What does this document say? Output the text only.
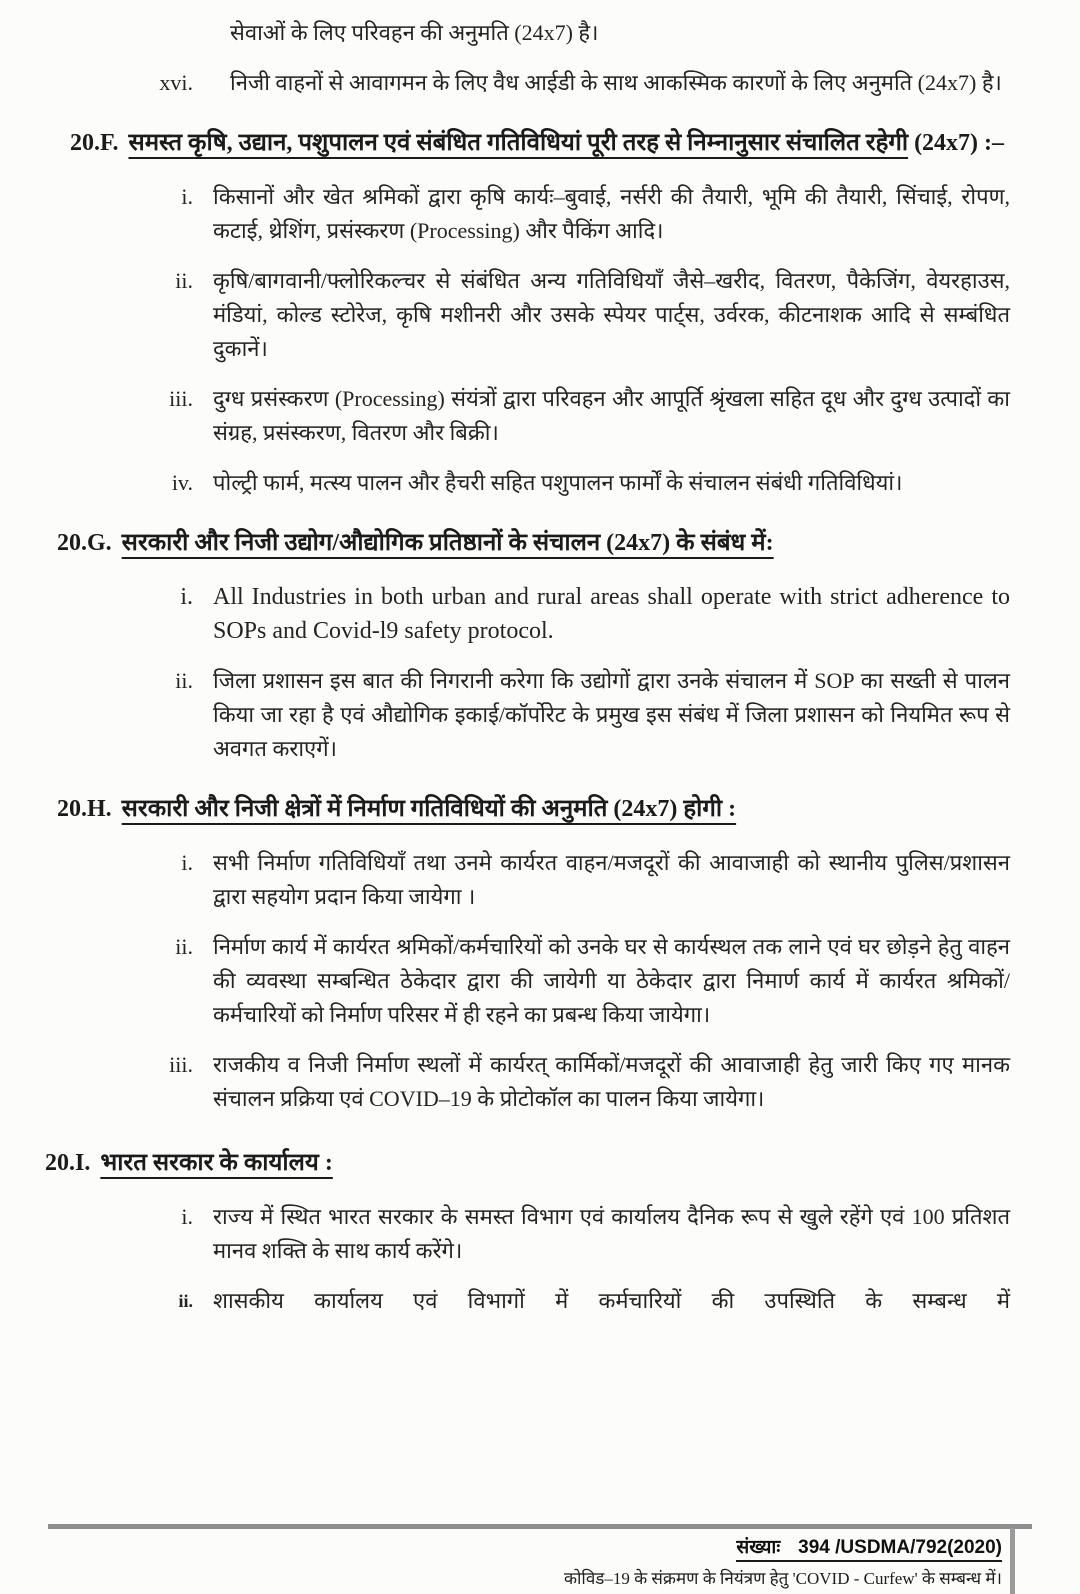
सेवाओं के लिए परिवहन की अनुमति (24x7) है।

xvi. निजी वाहनों से आवागमन के लिए वैध आईडी के साथ आकस्मिक कारणों के लिए अनुमति (24x7) है।

20.F. समस्त कृषि, उद्यान, पशुपालन एवं संबंधित गतिविधियां पूरी तरह से निम्नानुसार संचालित रहेगी (24x7) :–
i. किसानों और खेत श्रमिकों द्वारा कृषि कार्यः–बुवाई, नर्सरी की तैयारी, भूमि की तैयारी, सिंचाई, रोपण, कटाई, थ्रेशिंग, प्रसंस्करण (Processing) और पैकिंग आदि।

ii. कृषि/बागवानी/फ्लोरिकल्चर से संबंधित अन्य गतिविधियाँ जैसे–खरीद, वितरण, पैकेजिंग, वेयरहाउस, मंडियां, कोल्ड स्टोरेज, कृषि मशीनरी और उसके स्पेयर पार्ट्स, उर्वरक, कीटनाशक आदि से सम्बंधित दुकानें।

iii. दुग्ध प्रसंस्करण (Processing) संयंत्रों द्वारा परिवहन और आपूर्ति श्रृंखला सहित दूध और दुग्ध उत्पादों का संग्रह, प्रसंस्करण, वितरण और बिक्री।

iv. पोल्ट्री फार्म, मत्स्य पालन और हैचरी सहित पशुपालन फार्मों के संचालन संबंधी गतिविधियां।

20.G. सरकारी और निजी उद्योग/औद्योगिक प्रतिष्ठानों के संचालन (24x7) के संबंध में:
i. All Industries in both urban and rural areas shall operate with strict adherence to SOPs and Covid-l9 safety protocol.

ii. जिला प्रशासन इस बात की निगरानी करेगा कि उद्योगों द्वारा उनके संचालन में SOP का सख्ती से पालन किया जा रहा है एवं औद्योगिक इकाई/कॉर्पोरेट के प्रमुख इस संबंध में जिला प्रशासन को नियमित रूप से अवगत कराएगें।

20.H. सरकारी और निजी क्षेत्रों में निर्माण गतिविधियों की अनुमति (24x7) होगी :
i. सभी निर्माण गतिविधियाँ तथा उनमे कार्यरत वाहन/मजदूरों की आवाजाही को स्थानीय पुलिस/प्रशासन द्वारा सहयोग प्रदान किया जायेगा ।

ii. निर्माण कार्य में कार्यरत श्रमिकों/कर्मचारियों को उनके घर से कार्यस्थल तक लाने एवं घर छोड़ने हेतु वाहन की व्यवस्था सम्बन्धित ठेकेदार द्वारा की जायेगी या ठेकेदार द्वारा निमार्ण कार्य में कार्यरत श्रमिकों/कर्मचारियों को निर्माण परिसर में ही रहने का प्रबन्ध किया जायेगा।

iii. राजकीय व निजी निर्माण स्थलों में कार्यरत् कार्मिकों/मजदूरों की आवाजाही हेतु जारी किए गए मानक संचालन प्रक्रिया एवं COVID–19 के प्रोटोकॉल का पालन किया जायेगा।

20.I. भारत सरकार के कार्यालय :
i. राज्य में स्थित भारत सरकार के समस्त विभाग एवं कार्यालय दैनिक रूप से खुले रहेंगे एवं 100 प्रतिशत मानव शक्ति के साथ कार्य करेंगे।

ii. शासकीय कार्यालय एवं विभागों में कर्मचारियों की उपस्थिति के सम्बन्ध में

संख्याः 394 /USDMA/792(2020)
कोविड–19 के संक्रमण के नियंत्रण हेतु 'COVID - Curfew' के सम्बन्ध में।
